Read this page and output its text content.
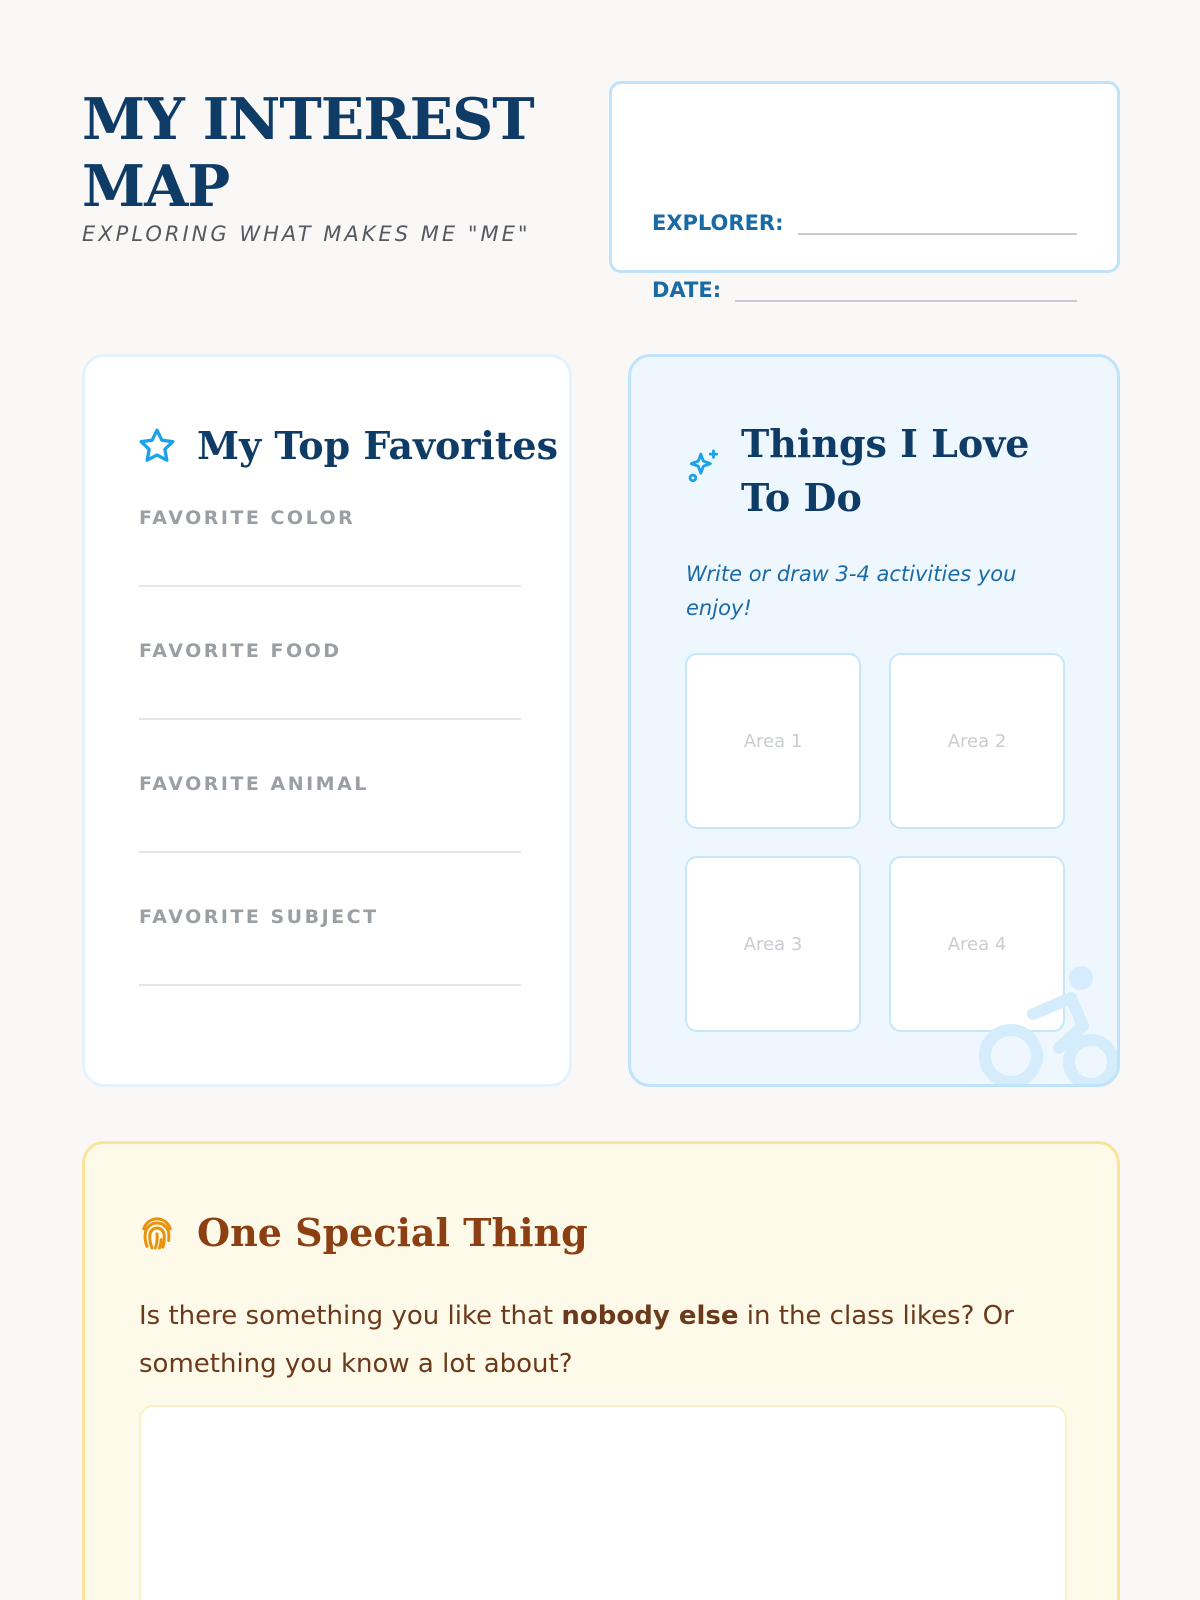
MY INTEREST MAP
EXPLORING WHAT MAKES ME "ME"	EXPLORER:
DATE:
My Top Favorites
FAVORITE COLOR
FAVORITE FOOD
FAVORITE ANIMAL
FAVORITE SUBJECT
Things I Love To Do
Write or draw 3-4 activities you enjoy!
Area 1	Area 2
Area 3	Area 4
One Special Thing
Is there something you like that nobody else in the class likes? Or something you know a lot about?
